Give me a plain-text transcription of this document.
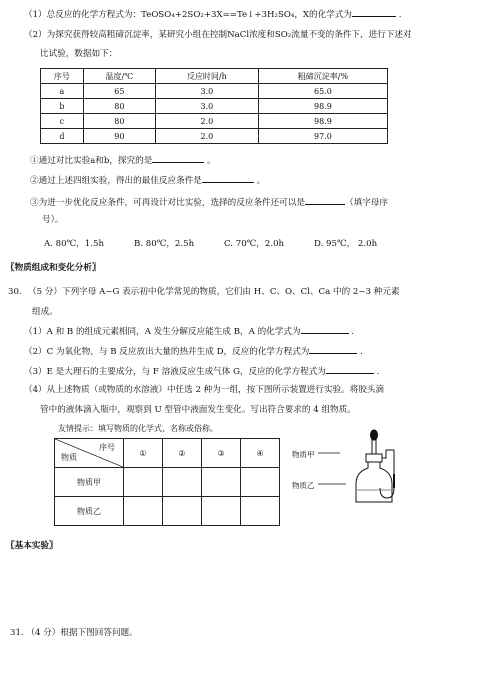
（1）总反应的化学方程式为：TeOSO₄+2SO₂+3X==Te↓+3H₂SO₄，X的化学式为	.
（2）为探究获得较高粗碲沉淀率，某研究小组在控制NaCl浓度和SO₂流量不变的条件下，进行下述对
比试验，数据如下：
序号	温度/℃	反应时间/h	粗碲沉淀率/%
a	65	3.0	65.0
b	80	3.0	98.9
c	80	2.0	98.9
d	90	2.0	97.0
①通过对比实验a和b，探究的是	。
②通过上述四组实验，得出的最佳反应条件是	。
③为进一步优化反应条件，可再设计对比实验，选择的反应条件还可以是	（填字母序
号）。
A. 80℃，1.5h	B. 80℃，2.5h	C. 70℃，2.0h	D. 95℃， 2.0h
〖物质组成和变化分析〗
30. （5 分）下列字母 A~G 表示初中化学常见的物质，它们由 H、C、O、Cl、Ca 中的 2~3 种元素
组成。
（1）A 和 B 的组成元素相同，A 发生分解反应能生成 B，A 的化学式为	.
（2）C 为氧化物，与 B 反应放出大量的热并生成 D，反应的化学方程式为	.
（3）E 是大理石的主要成分，与 F 溶液反应生成气体 G，反应的化学方程式为	.
（4）从上述物质（或物质的水溶液）中任选 2 种为一组，按下图所示装置进行实验。将胶头滴
管中的液体滴入瓶中，观察到 U 型管中液面发生变化。写出符合要求的 4 组物质。
友情提示：填写物质的化学式、名称或俗称。
序号
物质	①	②	③	④
物质甲				
物质乙				
物质甲
物质乙
〖基本实验〗
31. （4 分）根据下图回答问题。
